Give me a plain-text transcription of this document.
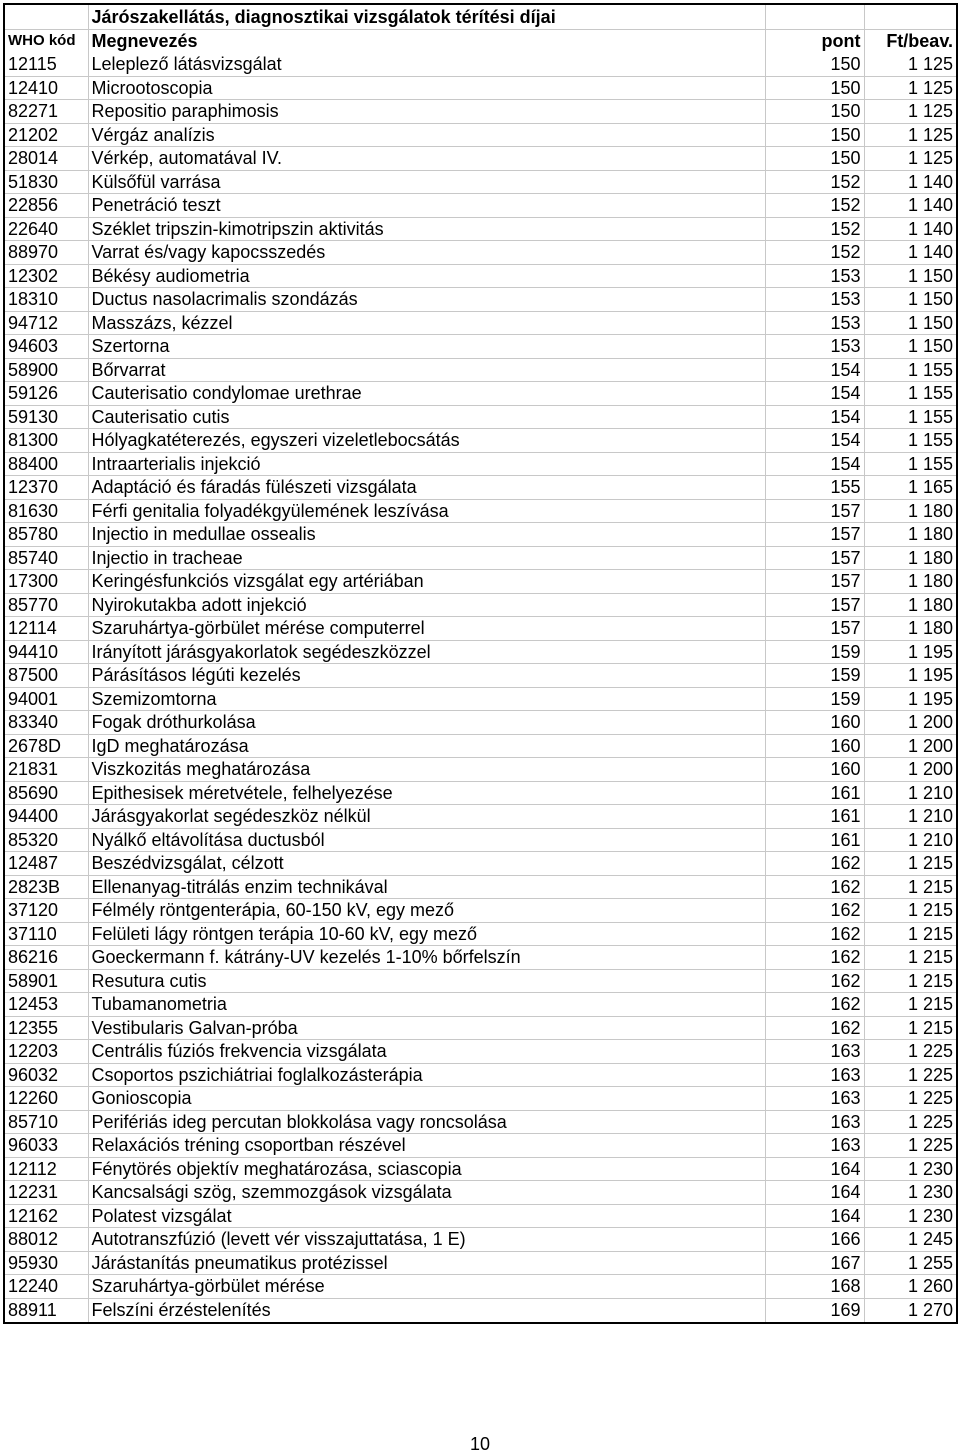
	Járószakellátás, diagnosztikai vizsgálatok térítési díjai		
WHO kód	Megnevezés	pont	Ft/beav.
12115	Leleplező látásvizsgálat	150	1 125
12410	Microotoscopia	150	1 125
82271	Repositio paraphimosis	150	1 125
21202	Vérgáz analízis	150	1 125
28014	Vérkép, automatával IV.	150	1 125
51830	Külsőfül varrása	152	1 140
22856	Penetráció teszt	152	1 140
22640	Széklet tripszin-kimotripszin aktivitás	152	1 140
88970	Varrat és/vagy kapocsszedés	152	1 140
12302	Békésy audiometria	153	1 150
18310	Ductus nasolacrimalis szondázás	153	1 150
94712	Masszázs, kézzel	153	1 150
94603	Szertorna	153	1 150
58900	Bőrvarrat	154	1 155
59126	Cauterisatio condylomae urethrae	154	1 155
59130	Cauterisatio cutis	154	1 155
81300	Hólyagkatéterezés, egyszeri vizeletlebocsátás	154	1 155
88400	Intraarterialis injekció	154	1 155
12370	Adaptáció és fáradás fülészeti vizsgálata	155	1 165
81630	Férfi genitalia folyadékgyülemének leszívása	157	1 180
85780	Injectio in medullae ossealis	157	1 180
85740	Injectio in tracheae	157	1 180
17300	Keringésfunkciós vizsgálat egy artériában	157	1 180
85770	Nyirokutakba adott injekció	157	1 180
12114	Szaruhártya-görbület mérése computerrel	157	1 180
94410	Irányított járásgyakorlatok segédeszközzel	159	1 195
87500	Párásításos légúti kezelés	159	1 195
94001	Szemizomtorna	159	1 195
83340	Fogak dróthurkolása	160	1 200
2678D	IgD meghatározása	160	1 200
21831	Viszkozitás meghatározása	160	1 200
85690	Epithesisek méretvétele, felhelyezése	161	1 210
94400	Járásgyakorlat segédeszköz nélkül	161	1 210
85320	Nyálkő eltávolítása ductusból	161	1 210
12487	Beszédvizsgálat, célzott	162	1 215
2823B	Ellenanyag-titrálás enzim technikával	162	1 215
37120	Félmély röntgenterápia, 60-150 kV, egy mező	162	1 215
37110	Felületi lágy röntgen terápia 10-60 kV, egy mező	162	1 215
86216	Goeckermann f. kátrány-UV kezelés 1-10% bőrfelszín	162	1 215
58901	Resutura cutis	162	1 215
12453	Tubamanometria	162	1 215
12355	Vestibularis Galvan-próba	162	1 215
12203	Centrális fúziós frekvencia vizsgálata	163	1 225
96032	Csoportos pszichiátriai foglalkozásterápia	163	1 225
12260	Gonioscopia	163	1 225
85710	Perifériás ideg percutan blokkolása vagy roncsolása	163	1 225
96033	Relaxációs tréning csoportban részével	163	1 225
12112	Fénytörés objektív meghatározása, sciascopia	164	1 230
12231	Kancsalsági szög, szemmozgások vizsgálata	164	1 230
12162	Polatest vizsgálat	164	1 230
88012	Autotranszfúzió (levett vér visszajuttatása, 1 E)	166	1 245
95930	Járástanítás pneumatikus protézissel	167	1 255
12240	Szaruhártya-görbület mérése	168	1 260
88911	Felszíni érzéstelenítés	169	1 270
10
